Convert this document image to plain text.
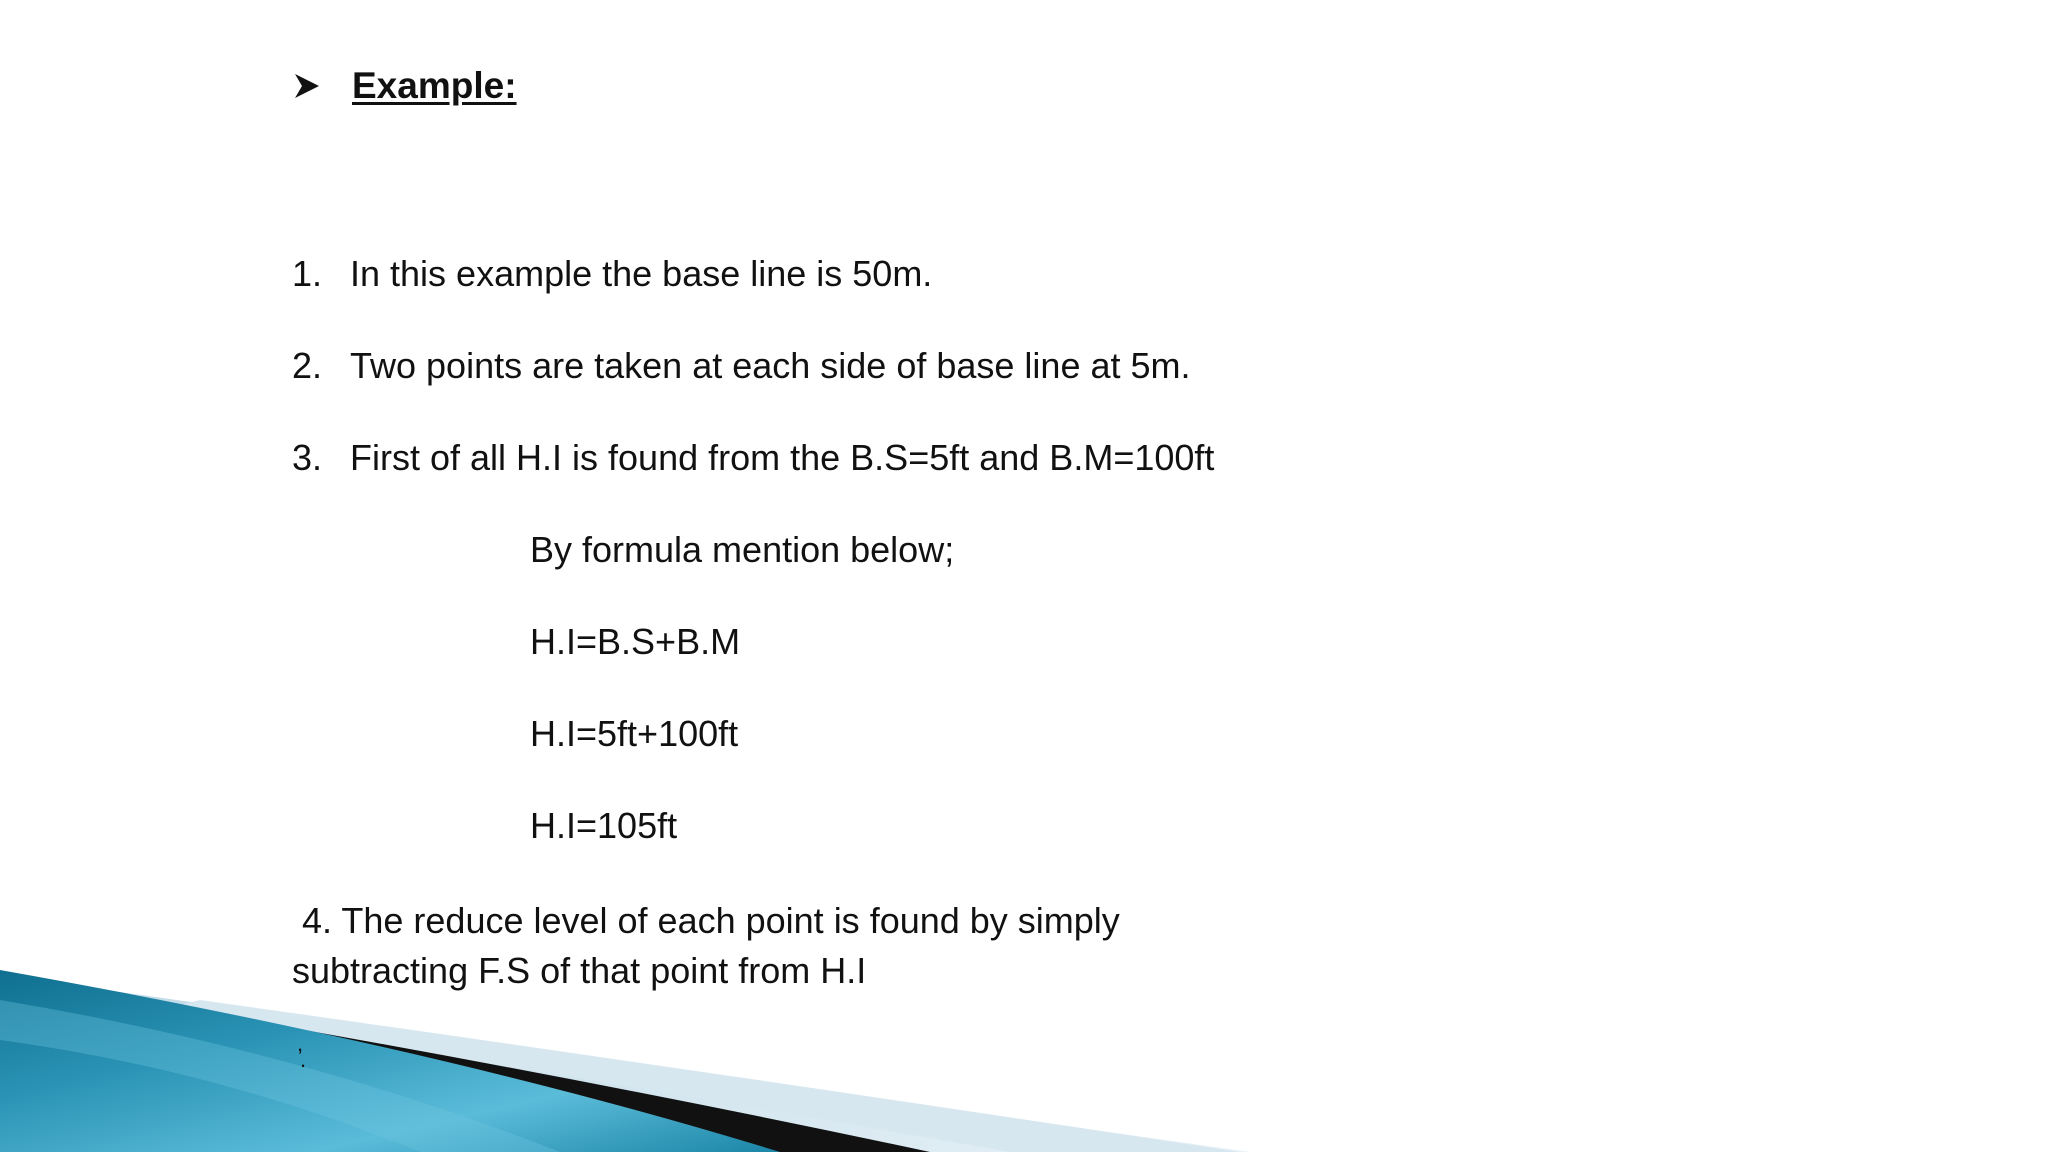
Example:
1. In this example the base line is 50m.
2. Two points are taken at each side of base line at 5m.
3. First of all H.I is found from the B.S=5ft and B.M=100ft
By formula mention below;
H.I=B.S+B.M
H.I=5ft+100ft
H.I=105ft
4. The reduce level of each point is found by simply
subtracting F.S of that point from H.I
,
.
